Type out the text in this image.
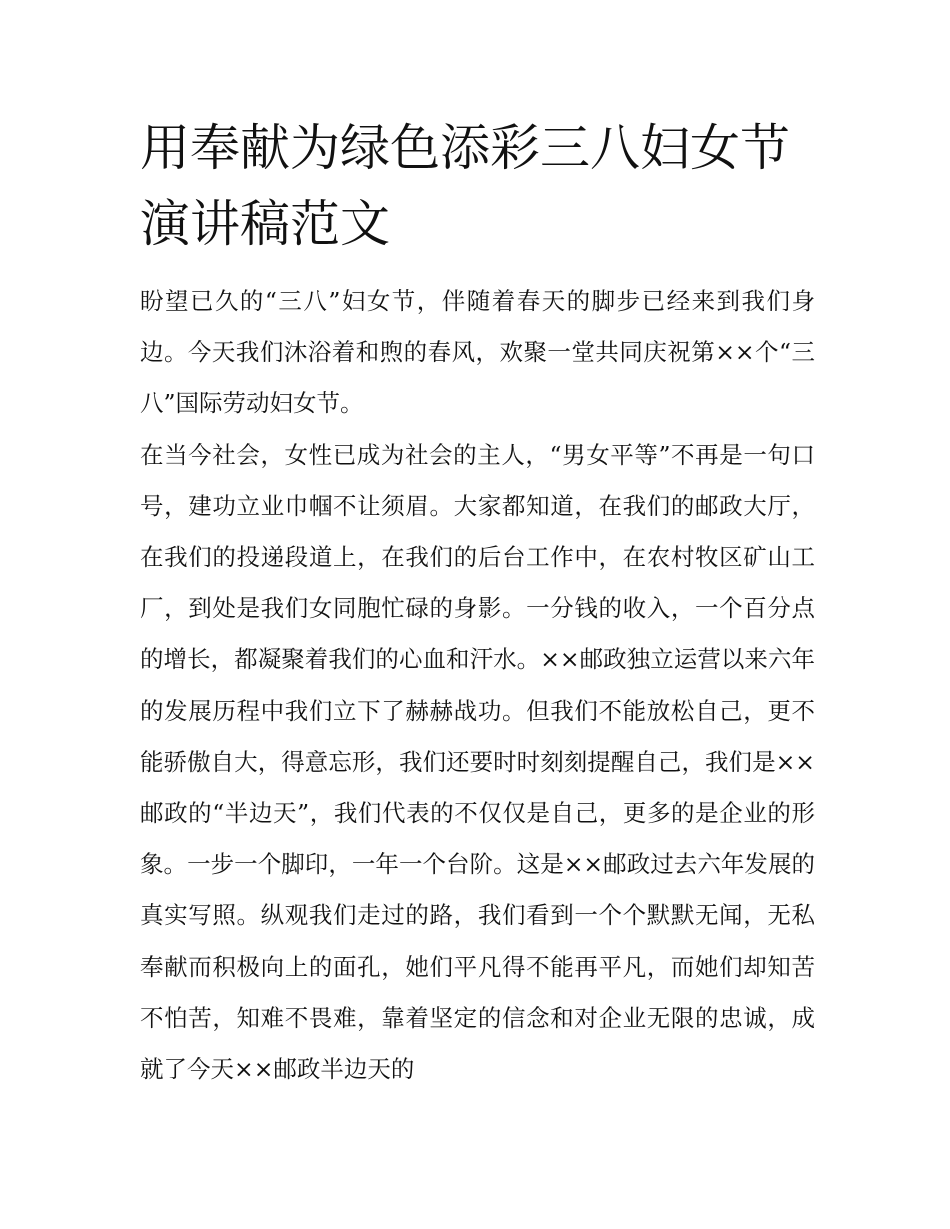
用奉献为绿色添彩三八妇女节演讲稿范文

盼望已久的“三八”妇女节，伴随着春天的脚步已经来到我们身边。今天我们沐浴着和煦的春风，欢聚一堂共同庆祝第××个“三八”国际劳动妇女节。

在当今社会，女性已成为社会的主人，“男女平等”不再是一句口号，建功立业巾帼不让须眉。大家都知道，在我们的邮政大厅，在我们的投递段道上，在我们的后台工作中，在农村牧区矿山工厂，到处是我们女同胞忙碌的身影。一分钱的收入，一个百分点的增长，都凝聚着我们的心血和汗水。××邮政独立运营以来六年的发展历程中我们立下了赫赫战功。但我们不能放松自己，更不能骄傲自大，得意忘形，我们还要时时刻刻提醒自己，我们是××邮政的“半边天”，我们代表的不仅仅是自己，更多的是企业的形象。一步一个脚印，一年一个台阶。这是××邮政过去六年发展的真实写照。纵观我们走过的路，我们看到一个个默默无闻，无私奉献而积极向上的面孔，她们平凡得不能再平凡，而她们却知苦不怕苦，知难不畏难，靠着坚定的信念和对企业无限的忠诚，成就了今天××邮政半边天的
